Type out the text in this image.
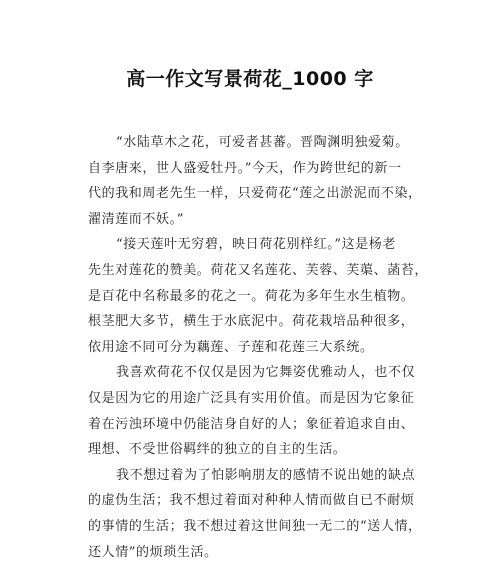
高一作文写景荷花_1000 字
“水陆草木之花，可爱者甚蕃。晋陶渊明独爱菊。
自李唐来，世人盛爱牡丹。”今天，作为跨世纪的新一
代的我和周老先生一样，只爱荷花“莲之出淤泥而不染，
濯清莲而不妖。”
“接天莲叶无穷碧，映日荷花别样红。”这是杨老
先生对莲花的赞美。荷花又名莲花、芙蓉、芙蕖、菡苔，
是百花中名称最多的花之一。荷花为多年生水生植物。
根茎肥大多节，横生于水底泥中。荷花栽培品种很多，
依用途不同可分为藕莲、子莲和花莲三大系统。
我喜欢荷花不仅仅是因为它舞姿优雅动人，也不仅
仅是因为它的用途广泛具有实用价值。而是因为它象征
着在污浊环境中仍能洁身自好的人；象征着追求自由、
理想、不受世俗羁绊的独立的自主的生活。
我不想过着为了怕影响朋友的感情不说出她的缺点
的虚伪生活；我不想过着面对种种人情而做自已不耐烦
的事情的生活；我不想过着这世间独一无二的“送人情，
还人情”的烦琐生活。
